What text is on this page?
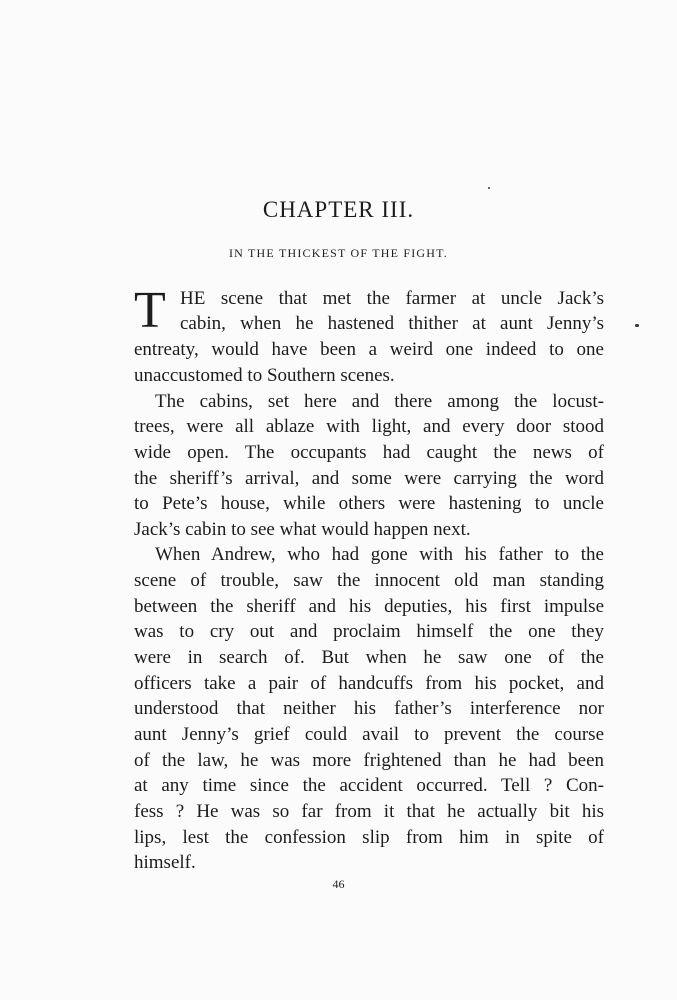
CHAPTER III.
IN THE THICKEST OF THE FIGHT.
T HE scene that met the farmer at uncle Jack’s
cabin, when he hastened thither at aunt Jenny’s
entreaty, would have been a weird one indeed to one
unaccustomed to Southern scenes.
The cabins, set here and there among the locust-
trees, were all ablaze with light, and every door stood
wide open. The occupants had caught the news of
the sheriff’s arrival, and some were carrying the word
to Pete’s house, while others were hastening to uncle
Jack’s cabin to see what would happen next.
When Andrew, who had gone with his father to the
scene of trouble, saw the innocent old man standing
between the sheriff and his deputies, his first impulse
was to cry out and proclaim himself the one they
were in search of. But when he saw one of the
officers take a pair of handcuffs from his pocket, and
understood that neither his father’s interference nor
aunt Jenny’s grief could avail to prevent the course
of the law, he was more frightened than he had been
at any time since the accident occurred. Tell ? Con-
fess ? He was so far from it that he actually bit his
lips, lest the confession slip from him in spite of
himself.
46
